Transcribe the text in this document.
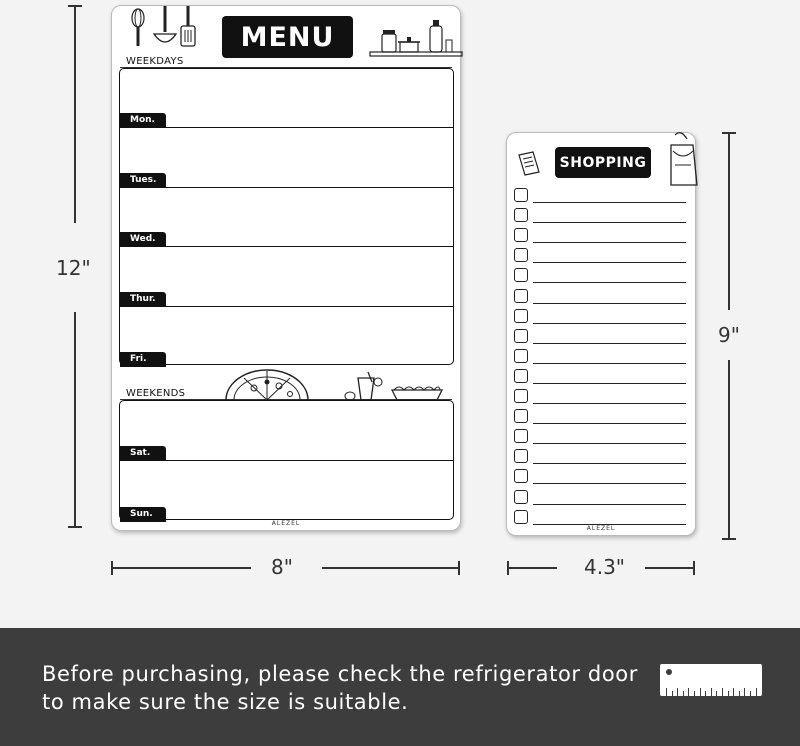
12"
8"
9"
4.3"
MENU
WEEKDAYS
Mon.
Tues.
Wed.
Thur.
Fri.
WEEKENDS
Sat.
Sun.
ALEZEL
SHOPPING
ALEZEL
Before purchasing, please check the refrigerator door to make sure the size is suitable.
